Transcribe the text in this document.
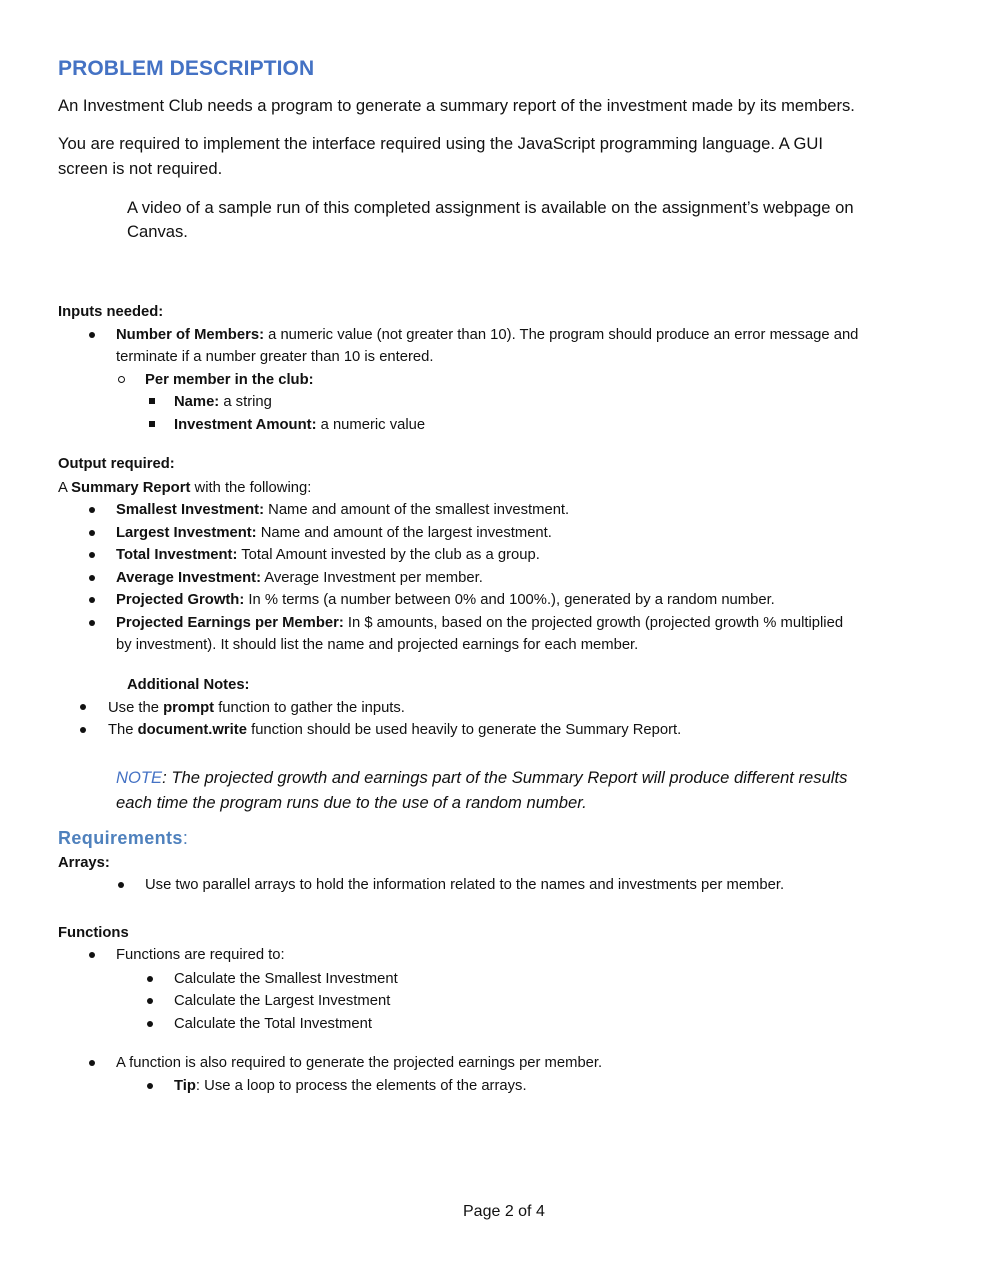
PROBLEM DESCRIPTION
An Investment Club needs a program to generate a summary report of the investment made by its members.
You are required to implement the interface required using the JavaScript programming language. A GUI
screen is not required.
A video of a sample run of this completed assignment is available on the assignment’s webpage on
Canvas.
Inputs needed:
Number of Members: a numeric value (not greater than 10). The program should produce an error message and
terminate if a number greater than 10 is entered.
Per member in the club:
Name: a string
Investment Amount: a numeric value
Output required:
A Summary Report with the following:
Smallest Investment: Name and amount of the smallest investment.
Largest Investment: Name and amount of the largest investment.
Total Investment: Total Amount invested by the club as a group.
Average Investment: Average Investment per member.
Projected Growth: In % terms (a number between 0% and 100%.), generated by a random number.
Projected Earnings per Member: In $ amounts, based on the projected growth (projected growth % multiplied
by investment). It should list the name and projected earnings for each member.
Additional Notes:
Use the prompt function to gather the inputs.
The document.write function should be used heavily to generate the Summary Report.
NOTE: The projected growth and earnings part of the Summary Report will produce different results
each time the program runs due to the use of a random number.
Requirements:
Arrays:
Use two parallel arrays to hold the information related to the names and investments per member.
Functions
Functions are required to:
Calculate the Smallest Investment
Calculate the Largest Investment
Calculate the Total Investment
A function is also required to generate the projected earnings per member.
Tip: Use a loop to process the elements of the arrays.
Page 2 of 4
